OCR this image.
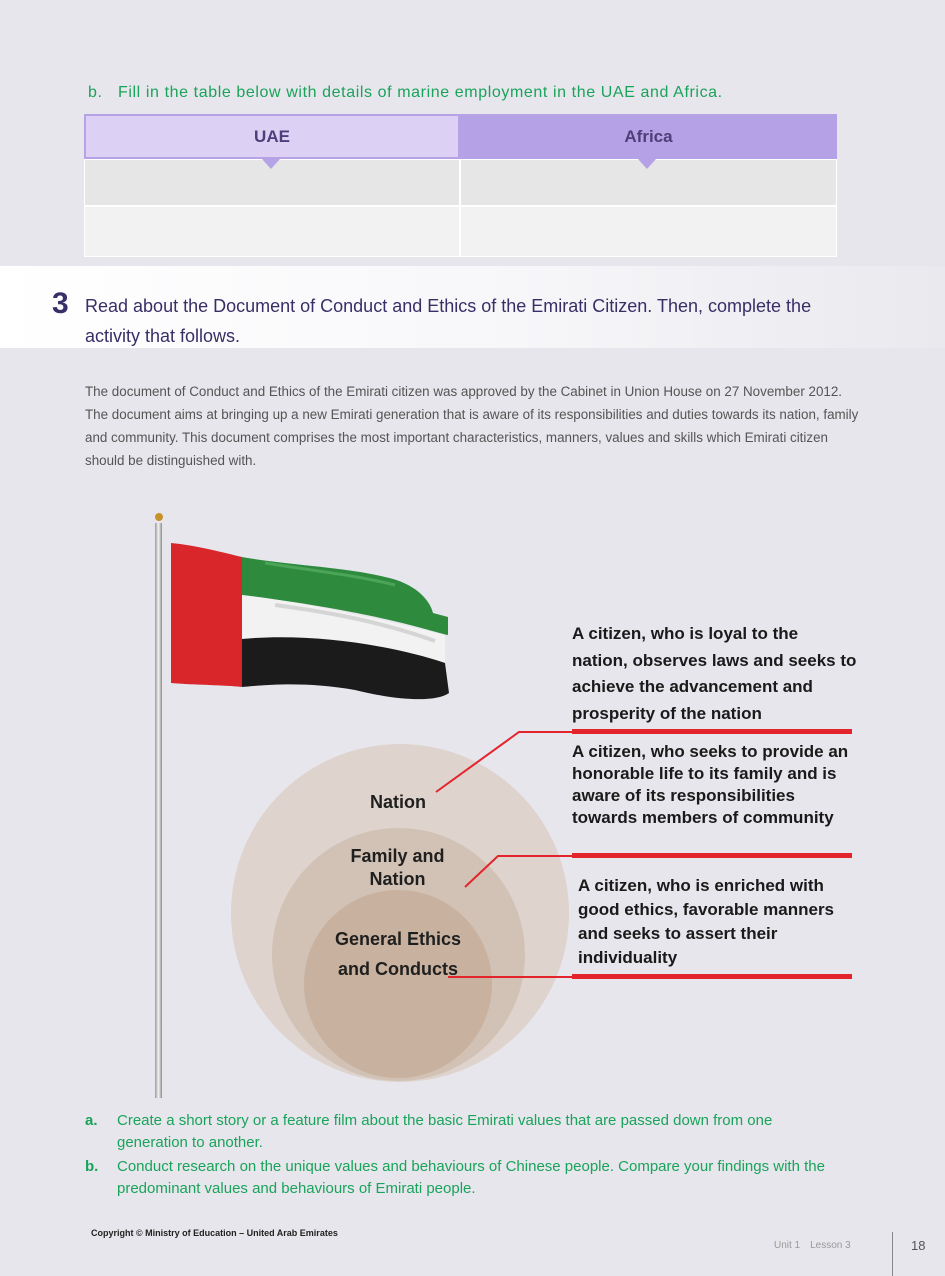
b. Fill in the table below with details of marine employment in the UAE and Africa.
UAE	Africa
3 Read about the Document of Conduct and Ethics of the Emirati Citizen. Then, complete the activity that follows.
The document of Conduct and Ethics of the Emirati citizen was approved by the Cabinet in Union House on 27 November 2012. The document aims at bringing up a new Emirati generation that is aware of its responsibilities and duties towards its nation, family and community. This document comprises the most important characteristics, manners, values and skills which Emirati citizen should be distinguished with.
Nation
Family and Nation
General Ethics and Conducts
A citizen, who is loyal to the nation, observes laws and seeks to achieve the advancement and prosperity of the nation
A citizen, who seeks to provide an honorable life to its family and is aware of its responsibilities towards members of community
A citizen, who is enriched with good ethics, favorable manners and seeks to assert their individuality
a. Create a short story or a feature film about the basic Emirati values that are passed down from one generation to another.
b. Conduct research on the unique values and behaviours of Chinese people. Compare your findings with the predominant values and behaviours of Emirati people.
Copyright © Ministry of Education – United Arab Emirates
Unit 1 Lesson 3	18
